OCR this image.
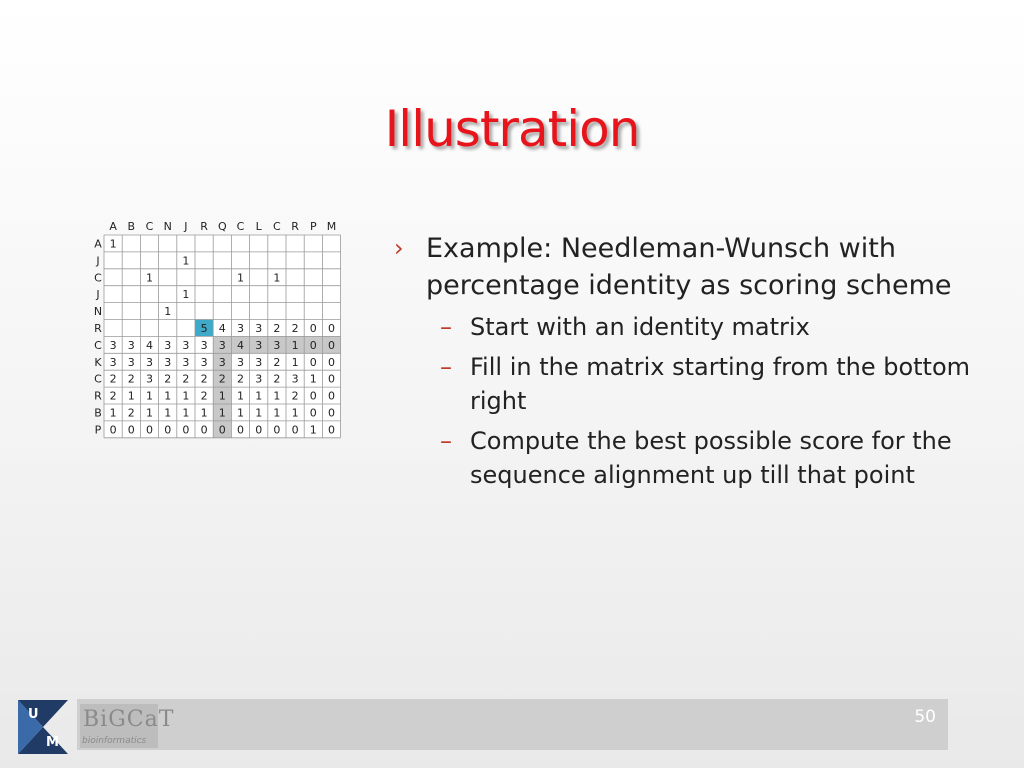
Illustration
A B C N J R Q C L C R P M
A
J
C
J
N
R
C
K
C
R
B
P
1
1
1	1	1
1
1
5 4 3 3 2 2 0 0
3 3 4 3 3 3 3 4 3 3 1 0 0
3 3 3 3 3 3 3 3 3 2 1 0 0
2 2 3 2 2 2 2 2 3 2 3 1 0
2 1 1 1 1 2 1 1 1 1 2 0 0
1 2 1 1 1 1 1 1 1 1 1 0 0
0 0 0 0 0 0 0 0 0 0 0 1 0
› Example: Needleman-Wunsch with percentage identity as scoring scheme
– Start with an identity matrix
– Fill in the matrix starting from the bottom right
– Compute the best possible score for the sequence alignment up till that point
U
M
50
BiGCaT
bioinformatics
